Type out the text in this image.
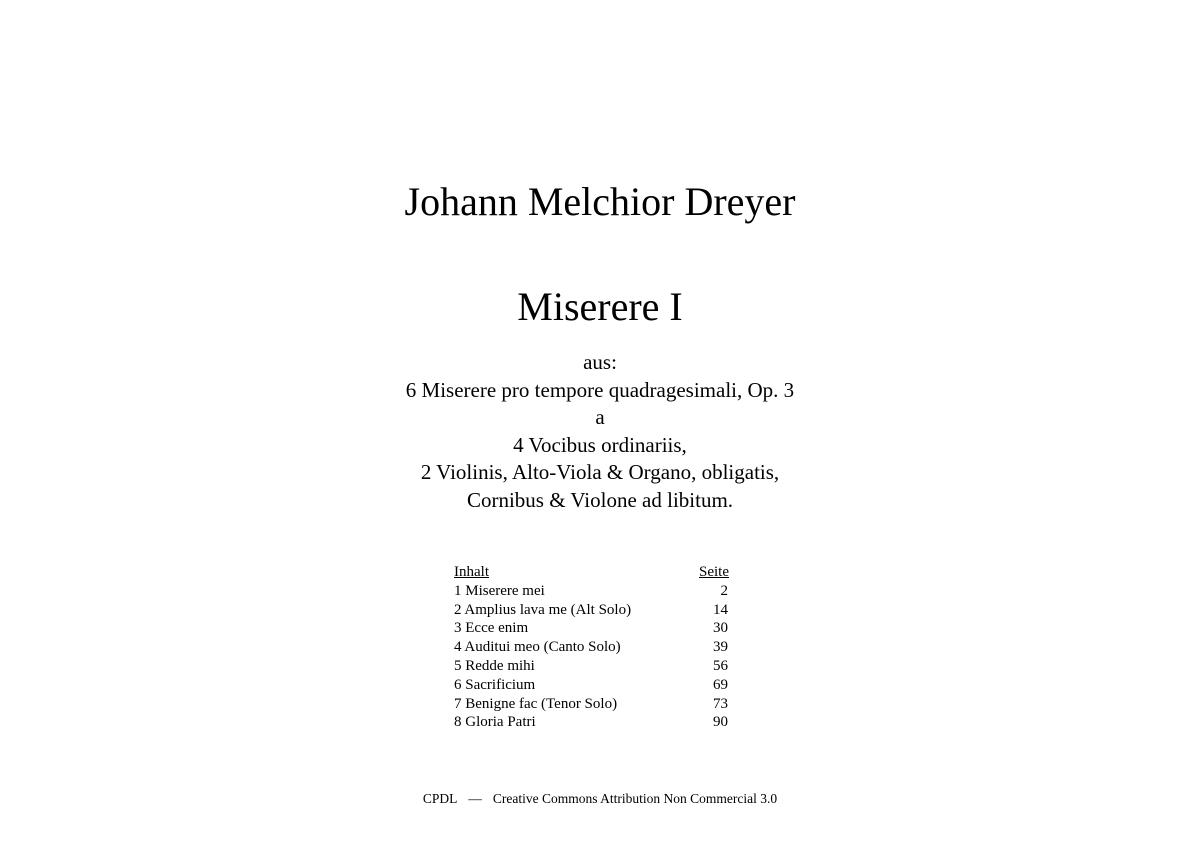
Johann Melchior Dreyer
Miserere I
aus:
6 Miserere pro tempore quadragesimali, Op. 3
a
4 Vocibus ordinariis,
2 Violinis, Alto-Viola & Organo, obligatis,
Cornibus & Violone ad libitum.
Inhalt	Seite
1 Miserere mei	2
2 Amplius lava me (Alt Solo)	14
3 Ecce enim	30
4 Auditui meo (Canto Solo)	39
5 Redde mihi	56
6 Sacrificium	69
7 Benigne fac (Tenor Solo)	73
8 Gloria Patri	90
CPDL — Creative Commons Attribution Non Commercial 3.0
